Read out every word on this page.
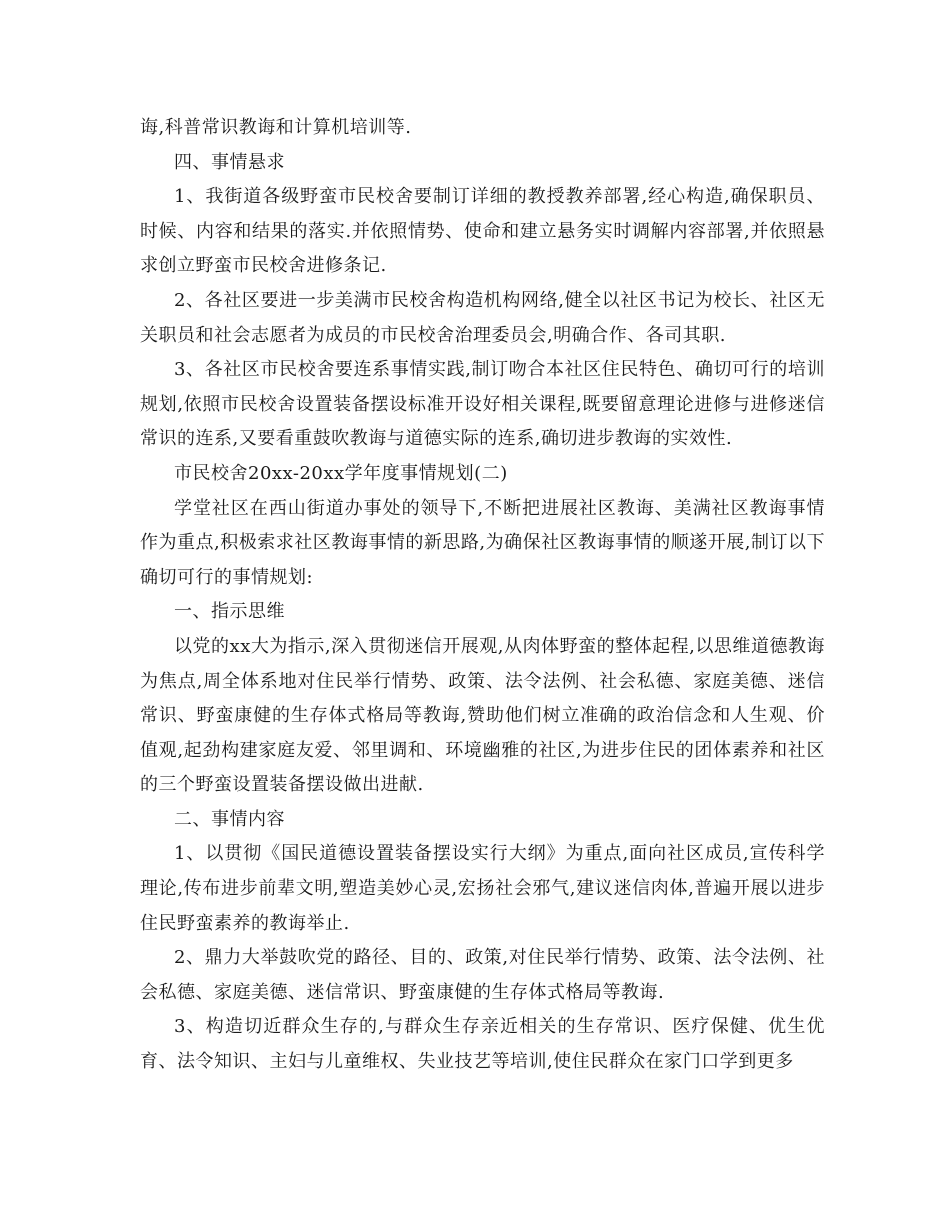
诲,科普常识教诲和计算机培训等.

四、事情悬求

1、我街道各级野蛮市民校舍要制订详细的教授教养部署,经心构造,确保职员、时候、内容和结果的落实.并依照情势、使命和建立悬务实时调解内容部署,并依照悬求创立野蛮市民校舍进修条记.

2、各社区要进一步美满市民校舍构造机构网络,健全以社区书记为校长、社区无关职员和社会志愿者为成员的市民校舍治理委员会,明确合作、各司其职.

3、各社区市民校舍要连系事情实践,制订吻合本社区住民特色、确切可行的培训规划,依照市民校舍设置装备摆设标准开设好相关课程,既要留意理论进修与进修迷信常识的连系,又要看重鼓吹教诲与道德实际的连系,确切进步教诲的实效性.

市民校舍20xx-20xx学年度事情规划(二)

学堂社区在西山街道办事处的领导下,不断把进展社区教诲、美满社区教诲事情作为重点,积极索求社区教诲事情的新思路,为确保社区教诲事情的顺遂开展,制订以下确切可行的事情规划:

一、指示思维

以党的xx大为指示,深入贯彻迷信开展观,从肉体野蛮的整体起程,以思维道德教诲为焦点,周全体系地对住民举行情势、政策、法令法例、社会私德、家庭美德、迷信常识、野蛮康健的生存体式格局等教诲,赞助他们树立准确的政治信念和人生观、价值观,起劲构建家庭友爱、邻里调和、环境幽雅的社区,为进步住民的团体素养和社区的三个野蛮设置装备摆设做出进献.

二、事情内容

1、以贯彻《国民道德设置装备摆设实行大纲》为重点,面向社区成员,宣传科学理论,传布进步前辈文明,塑造美妙心灵,宏扬社会邪气,建议迷信肉体,普遍开展以进步住民野蛮素养的教诲举止.

2、鼎力大举鼓吹党的路径、目的、政策,对住民举行情势、政策、法令法例、社会私德、家庭美德、迷信常识、野蛮康健的生存体式格局等教诲.

3、构造切近群众生存的,与群众生存亲近相关的生存常识、医疗保健、优生优育、法令知识、主妇与儿童维权、失业技艺等培训,使住民群众在家门口学到更多
